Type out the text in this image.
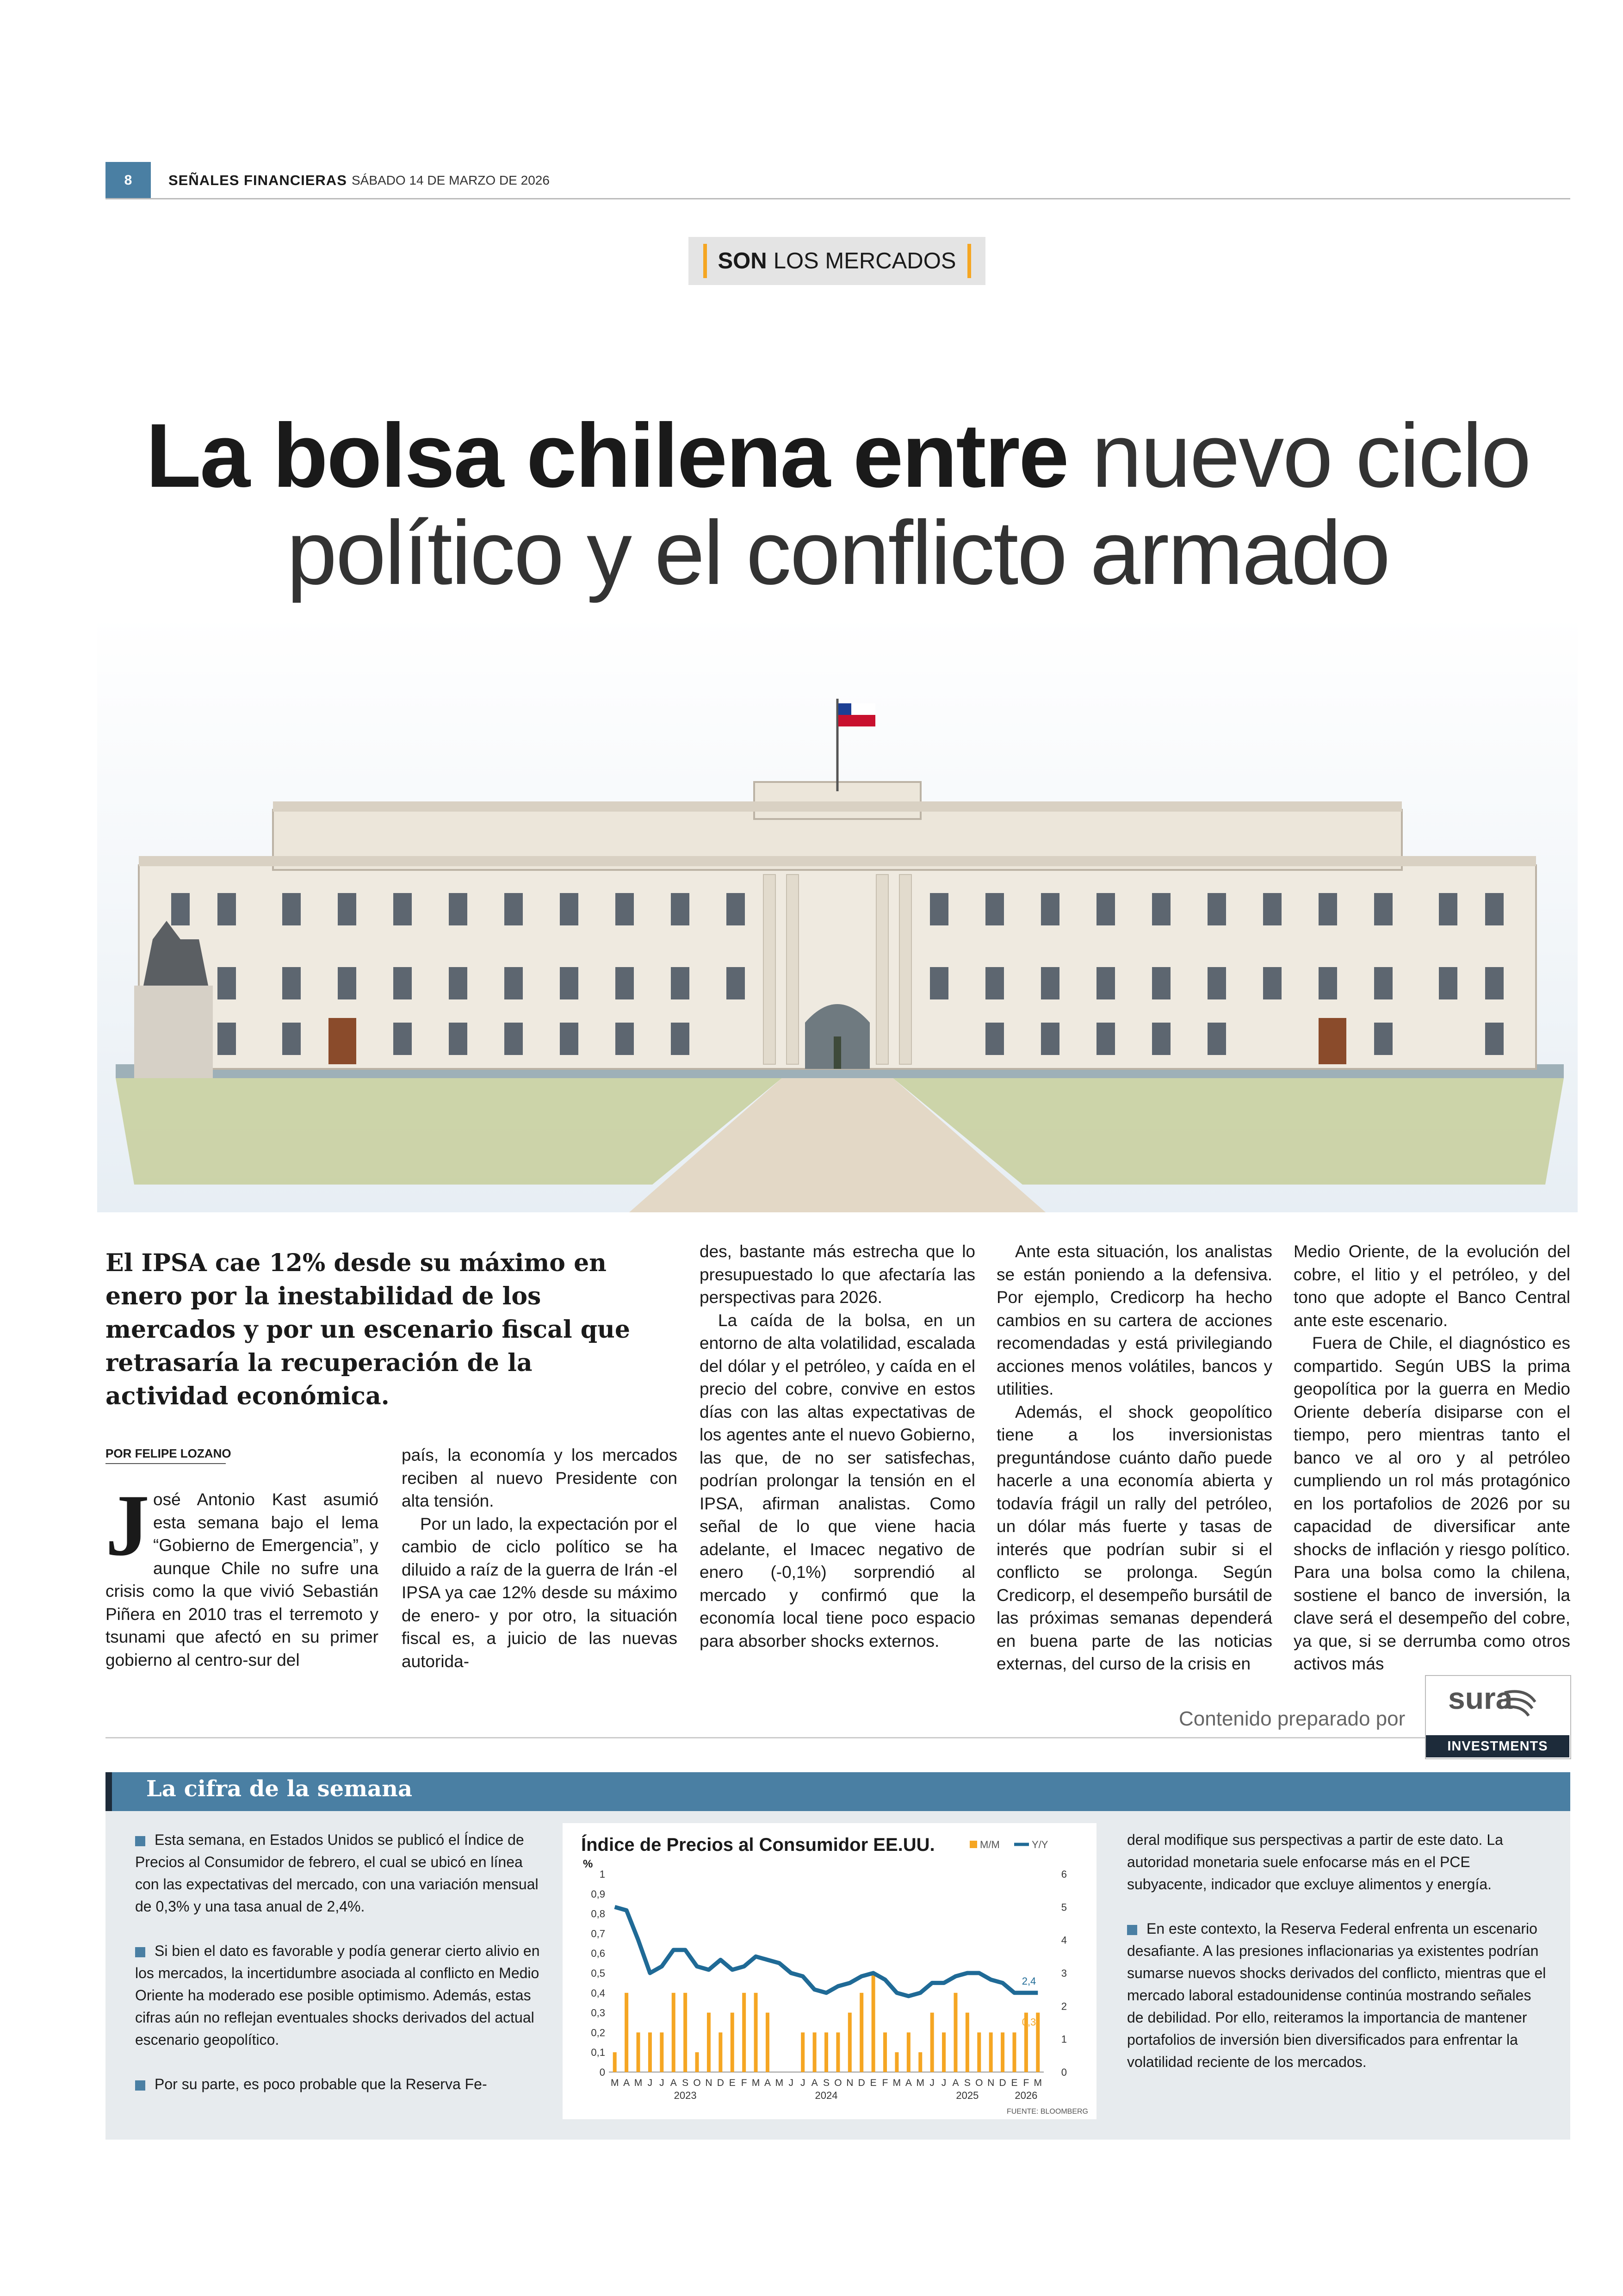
8	SEÑALES FINANCIERAS SÁBADO 14 DE MARZO DE 2026
SON LOS MERCADOS
La bolsa chilena entre nuevo ciclo
político y el conflicto armado
El IPSA cae 12% desde su máximo en enero por la inestabilidad de los mercados y por un escenario fiscal que retrasaría la recuperación de la actividad económica.
POR FELIPE LOZANO
José Antonio Kast asumió esta semana bajo el lema “Gobierno de Emergencia”, y aunque Chile no sufre una crisis como la que vivió Sebastián Piñera en 2010 tras el terremoto y tsunami que afectó en su primer gobierno al centro-sur del

país, la economía y los mercados reciben al nuevo Presidente con alta tensión.

Por un lado, la expectación por el cambio de ciclo político se ha diluido a raíz de la guerra de Irán -el IPSA ya cae 12% desde su máximo de enero- y por otro, la situación fiscal es, a juicio de las nuevas autorida-

des, bastante más estrecha que lo presupuestado lo que afectaría las perspectivas para 2026.

La caída de la bolsa, en un entorno de alta volatilidad, escalada del dólar y el petróleo, y caída en el precio del cobre, convive en estos días con las altas expectativas de los agentes ante el nuevo Gobierno, las que, de no ser satisfechas, podrían prolongar la tensión en el IPSA, afirman analistas. Como señal de lo que viene hacia adelante, el Imacec negativo de enero (-0,1%) sorprendió al mercado y confirmó que la economía local tiene poco espacio para absorber shocks externos.

Ante esta situación, los analistas se están poniendo a la defensiva. Por ejemplo, Credicorp ha hecho cambios en su cartera de acciones recomendadas y está privilegiando acciones menos volátiles, bancos y utilities.

Además, el shock geopolítico tiene a los inversionistas preguntándose cuánto daño puede hacerle a una economía abierta y todavía frágil un rally del petróleo, un dólar más fuerte y tasas de interés que podrían subir si el conflicto se prolonga. Según Credicorp, el desempeño bursátil de las próximas semanas dependerá en buena parte de las noticias externas, del curso de la crisis en

Medio Oriente, de la evolución del cobre, el litio y el petróleo, y del tono que adopte el Banco Central ante este escenario.

Fuera de Chile, el diagnóstico es compartido. Según UBS la prima geopolítica por la guerra en Medio Oriente debería disiparse con el tiempo, pero mientras tanto el banco ve al oro y al petróleo cumpliendo un rol más protagónico en los portafolios de 2026 por su capacidad de diversificar ante shocks de inflación y riesgo político. Para una bolsa como la chilena, sostiene el banco de inversión, la clave será el desempeño del cobre, ya que, si se derrumba como otros activos más

Contenido preparado por
sura
INVESTMENTS
La cifra de la semana

Esta semana, en Estados Unidos se publicó el Índice de Precios al Consumidor de febrero, el cual se ubicó en línea con las expectativas del mercado, con una variación mensual de 0,3% y una tasa anual de 2,4%.

Si bien el dato es favorable y podía generar cierto alivio en los mercados, la incertidumbre asociada al conflicto en Medio Oriente ha moderado ese posible optimismo. Además, estas cifras aún no reflejan eventuales shocks derivados del actual escenario geopolítico.

Por su parte, es poco probable que la Reserva Fe-

deral modifique sus perspectivas a partir de este dato. La autoridad monetaria suele enfocarse más en el PCE subyacente, indicador que excluye alimentos y energía.

En este contexto, la Reserva Federal enfrenta un escenario desafiante. A las presiones inflacionarias ya existentes podrían sumarse nuevos shocks derivados del conflicto, mientras que el mercado laboral estadounidense continúa mostrando señales de debilidad. Por ello, reiteramos la importancia de mantener portafolios de inversión bien diversificados para enfrentar la volatilidad reciente de los mercados.

Índice de Precios al Consumidor EE.UU.
%
M/M	Y/Y
0
0,1
0,2
0,3
0,4
0,5
0,6
0,7
0,8
0,9
1
0
1
2
3
4
5
6
2,4
0,3
M A M J J A S O N D E F M A M J J A S O N D E F M A M J J A S O N D E F M
2023	2024	2025	2026
FUENTE: BLOOMBERG
